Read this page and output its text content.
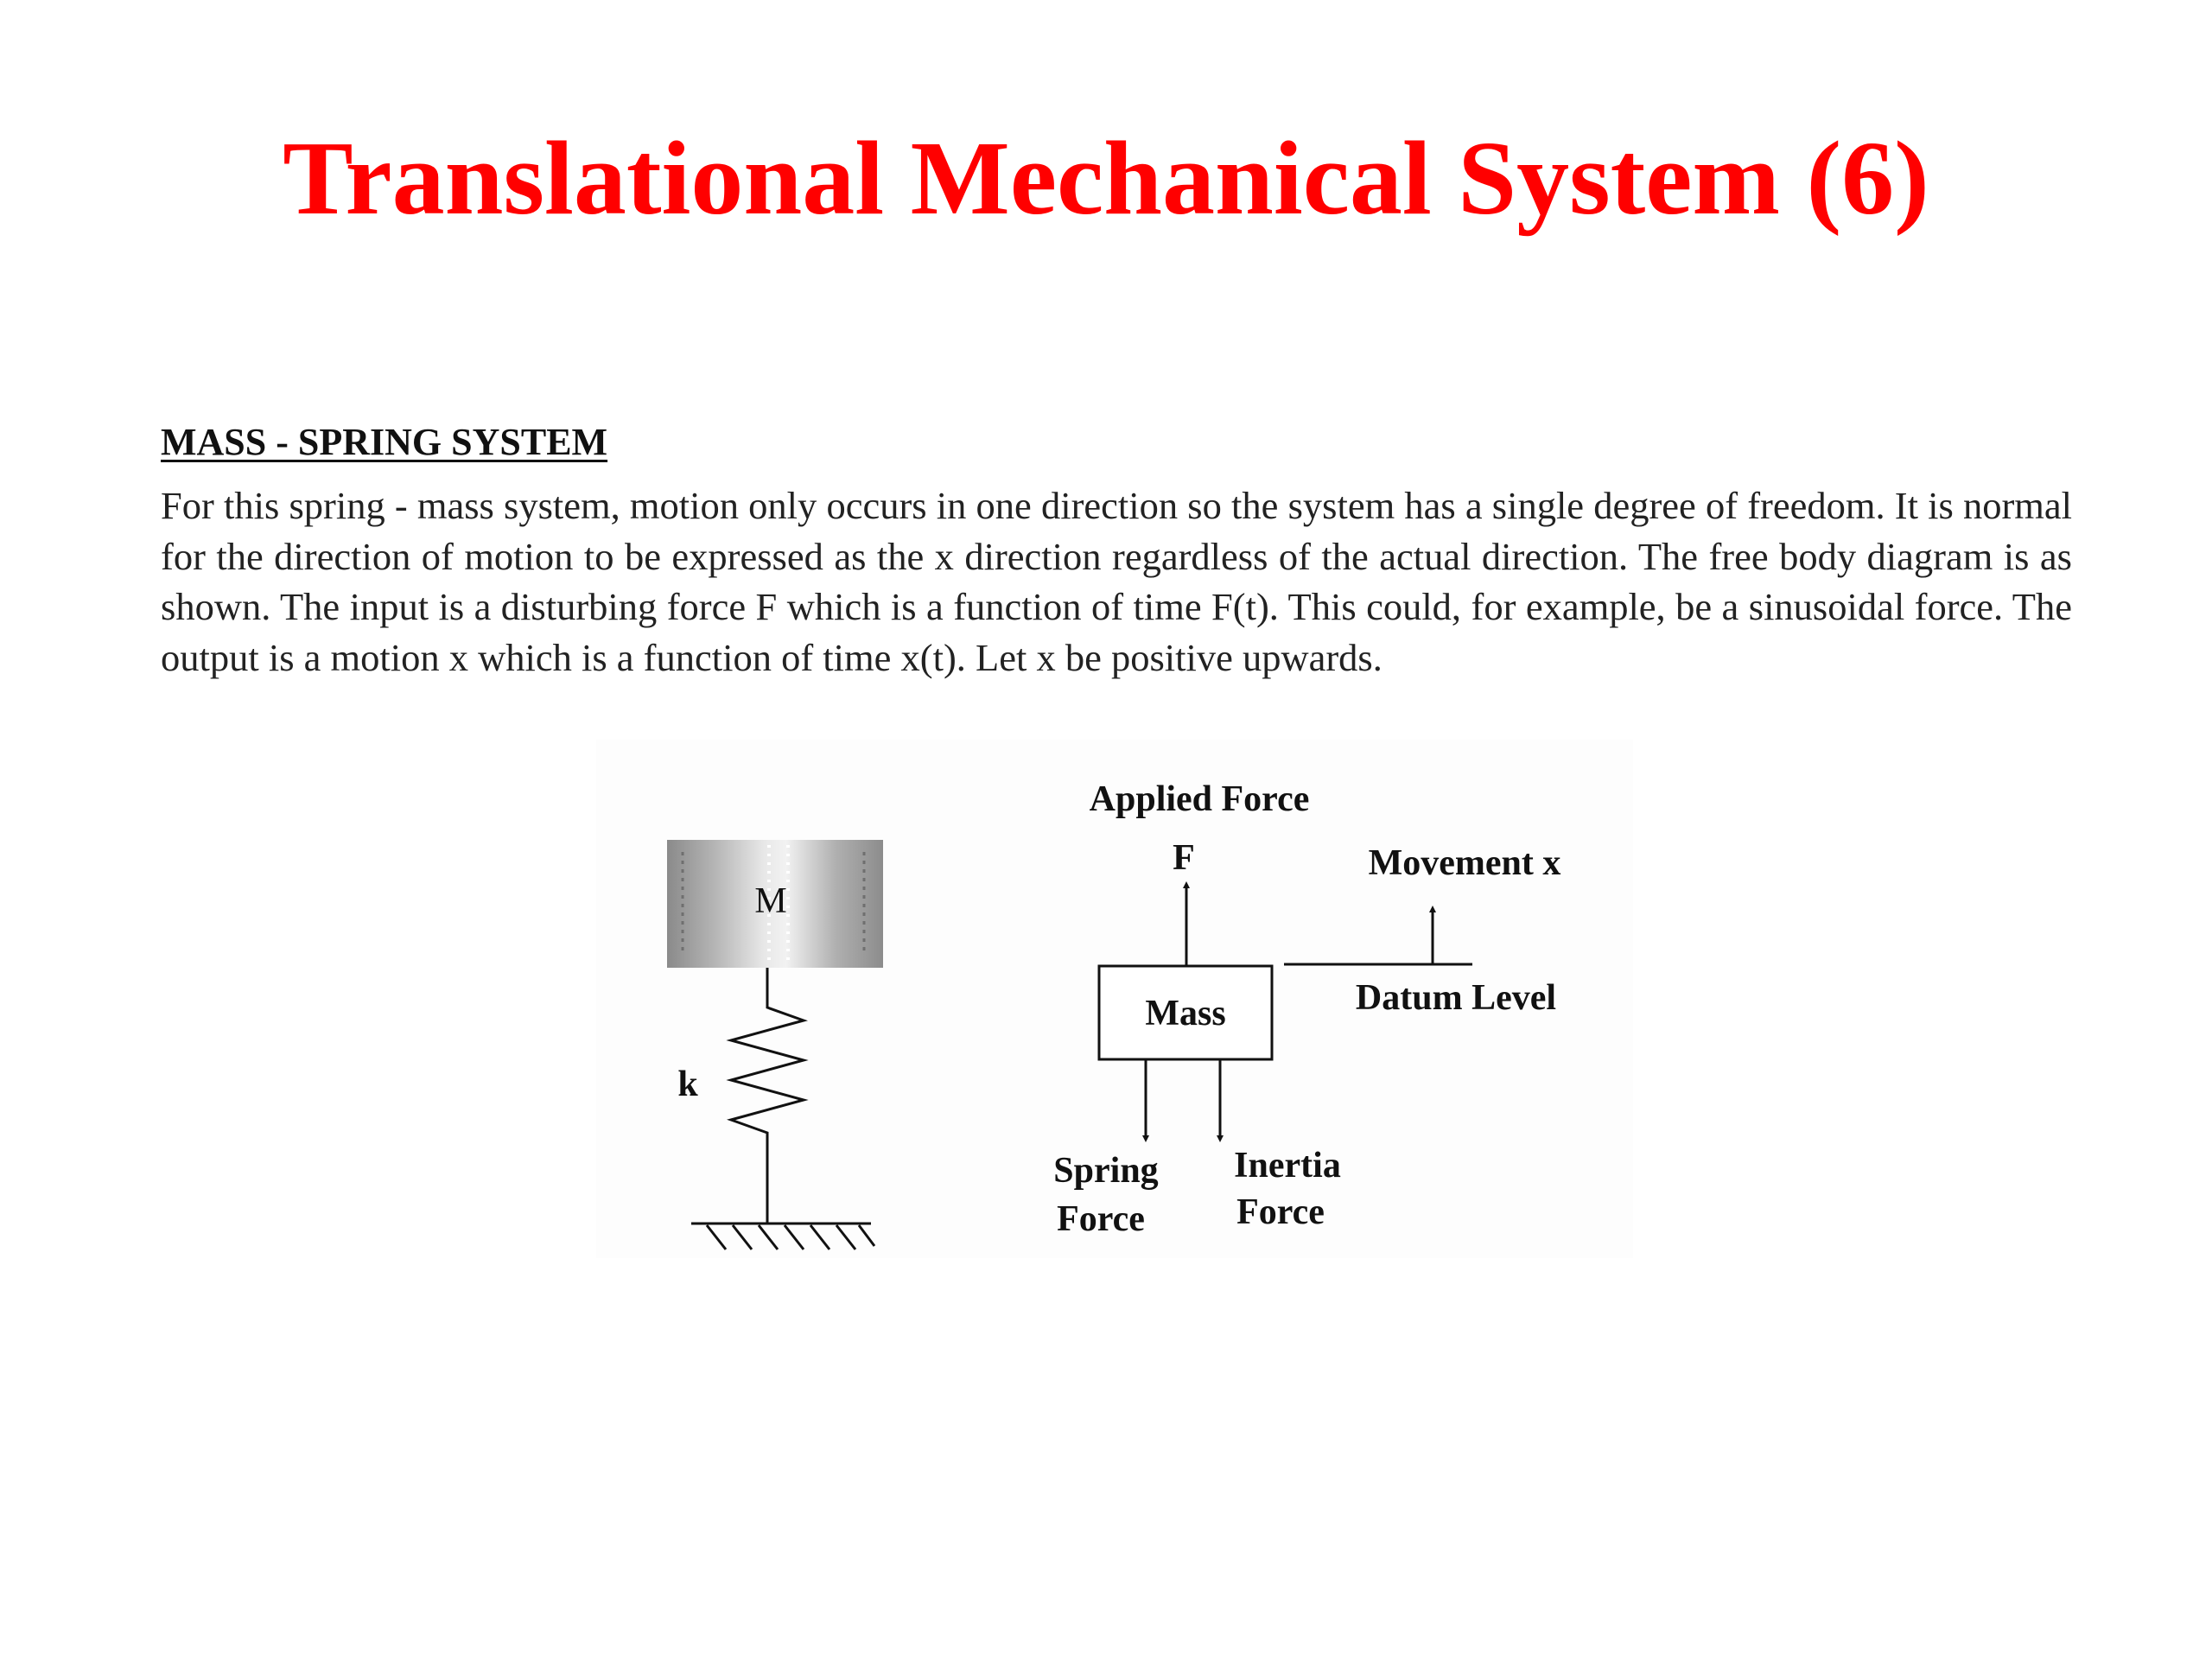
Translational Mechanical System (6)
MASS - SPRING SYSTEM

For this spring - mass system, motion only occurs in one direction so the system has a single degree of freedom. It is normal for the direction of motion to be expressed as the x direction regardless of the actual direction. The free body diagram is as shown. The input is a disturbing force F which is a function of time F(t). This could, for example, be a sinusoidal force. The output is a motion x which is a function of time x(t). Let x be positive upwards.

M
k
Applied Force
F
Mass
Movement x
Datum Level
Spring
Force
Inertia
Force
